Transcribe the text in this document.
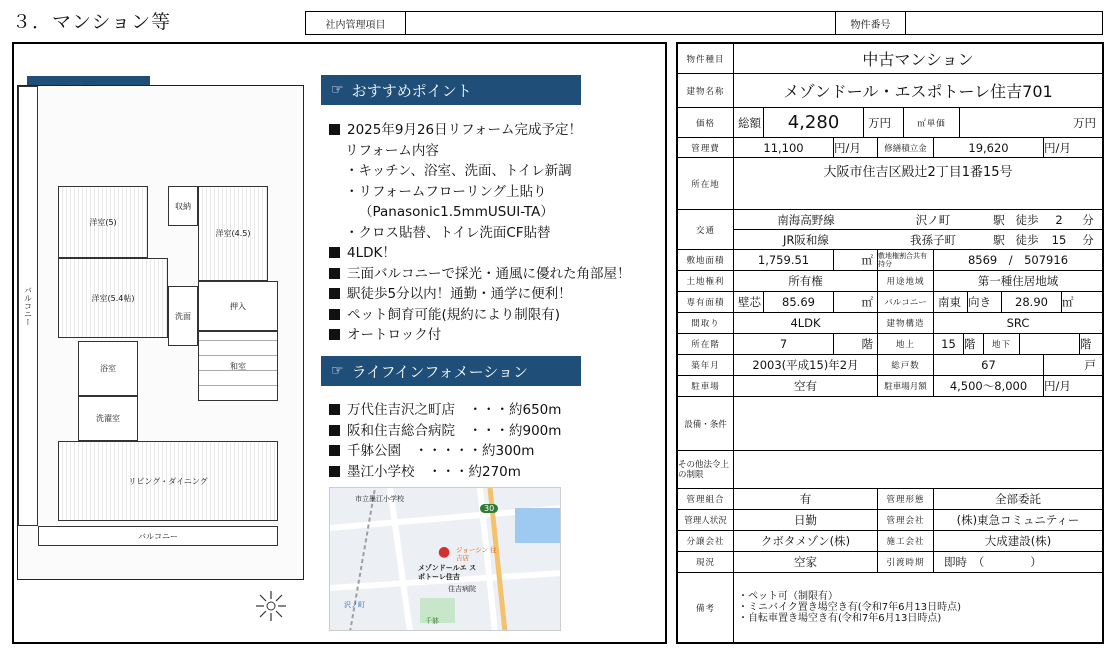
３．マンション等	社内管理項目	物件番号
バルコニー
洋室(5)
洋室(5.4帖)
洋室(4.5)
収納
押入
洗面
浴室
洗濯室
和室
リビング・ダイニング
バルコニー
☞ おすすめポイント
2025年9月26日リフォーム完成予定！
リフォーム内容
・キッチン、浴室、洗面、トイレ新調
・リフォームフローリング上貼り
（Panasonic1.5mmUSUI-TA）
・クロス貼替、トイレ洗面CF貼替
4LDK！
三面バルコニーで採光・通風に優れた角部屋！
駅徒歩5分以内！通勤・通学に便利！
ペット飼育可能(規約により制限有)
オートロック付
☞ ライフインフォメーション
万代住吉沢之町店　・・・約650m
阪和住吉総合病院　・・・約900m
千躰公園　・・・・・約300m
墨江小学校　・・・約270m
市立墨江小学校
30
●
メゾンドールエ スポトーレ住吉
ジョーシン 住吉店
沢ノ町
住吉病院
千躰
物件種目	中古マンション
建物名称	メゾンドール・エスポトーレ住吉701
価格	総額	4,280	万円	㎡単価	万円
管理費	11,100	円/月	修繕積立金	19,620	円/月
所在地
大阪市住吉区殿辻2丁目1番15号
交通
南海高野線	沢ノ町	駅 徒歩	2	分
JR阪和線	我孫子町	駅 徒歩	15	分
敷地面積	1,759.51	㎡ 敷地権割合共有持分	8569　/　507916
土地権利	所有権	用途地域	第一種住居地域
専有面積	壁芯	85.69	㎡	バルコニー 南東 向き	28.90	㎡
間取り	4LDK	建物構造	SRC
所在階	7	階	地上	15 階	地下	階
築年月	2003(平成15)年2月	総戸数	67	戸
駐車場	空有	駐車場月額	4,500～8,000	円/月
設備・条件
その他法令上の制限
管理組合	有	管理形態	全部委託
管理人状況	日勤	管理会社	(株)東急コミュニティー
分譲会社	クボタメゾン(株)	施工会社	大成建設(株)
現況	空家	引渡時期	即時　（　　　　）
備考
・ペット可（制限有）
・ミニバイク置き場空き有(令和7年6月13日時点)
・自転車置き場空き有(令和7年6月13日時点)
